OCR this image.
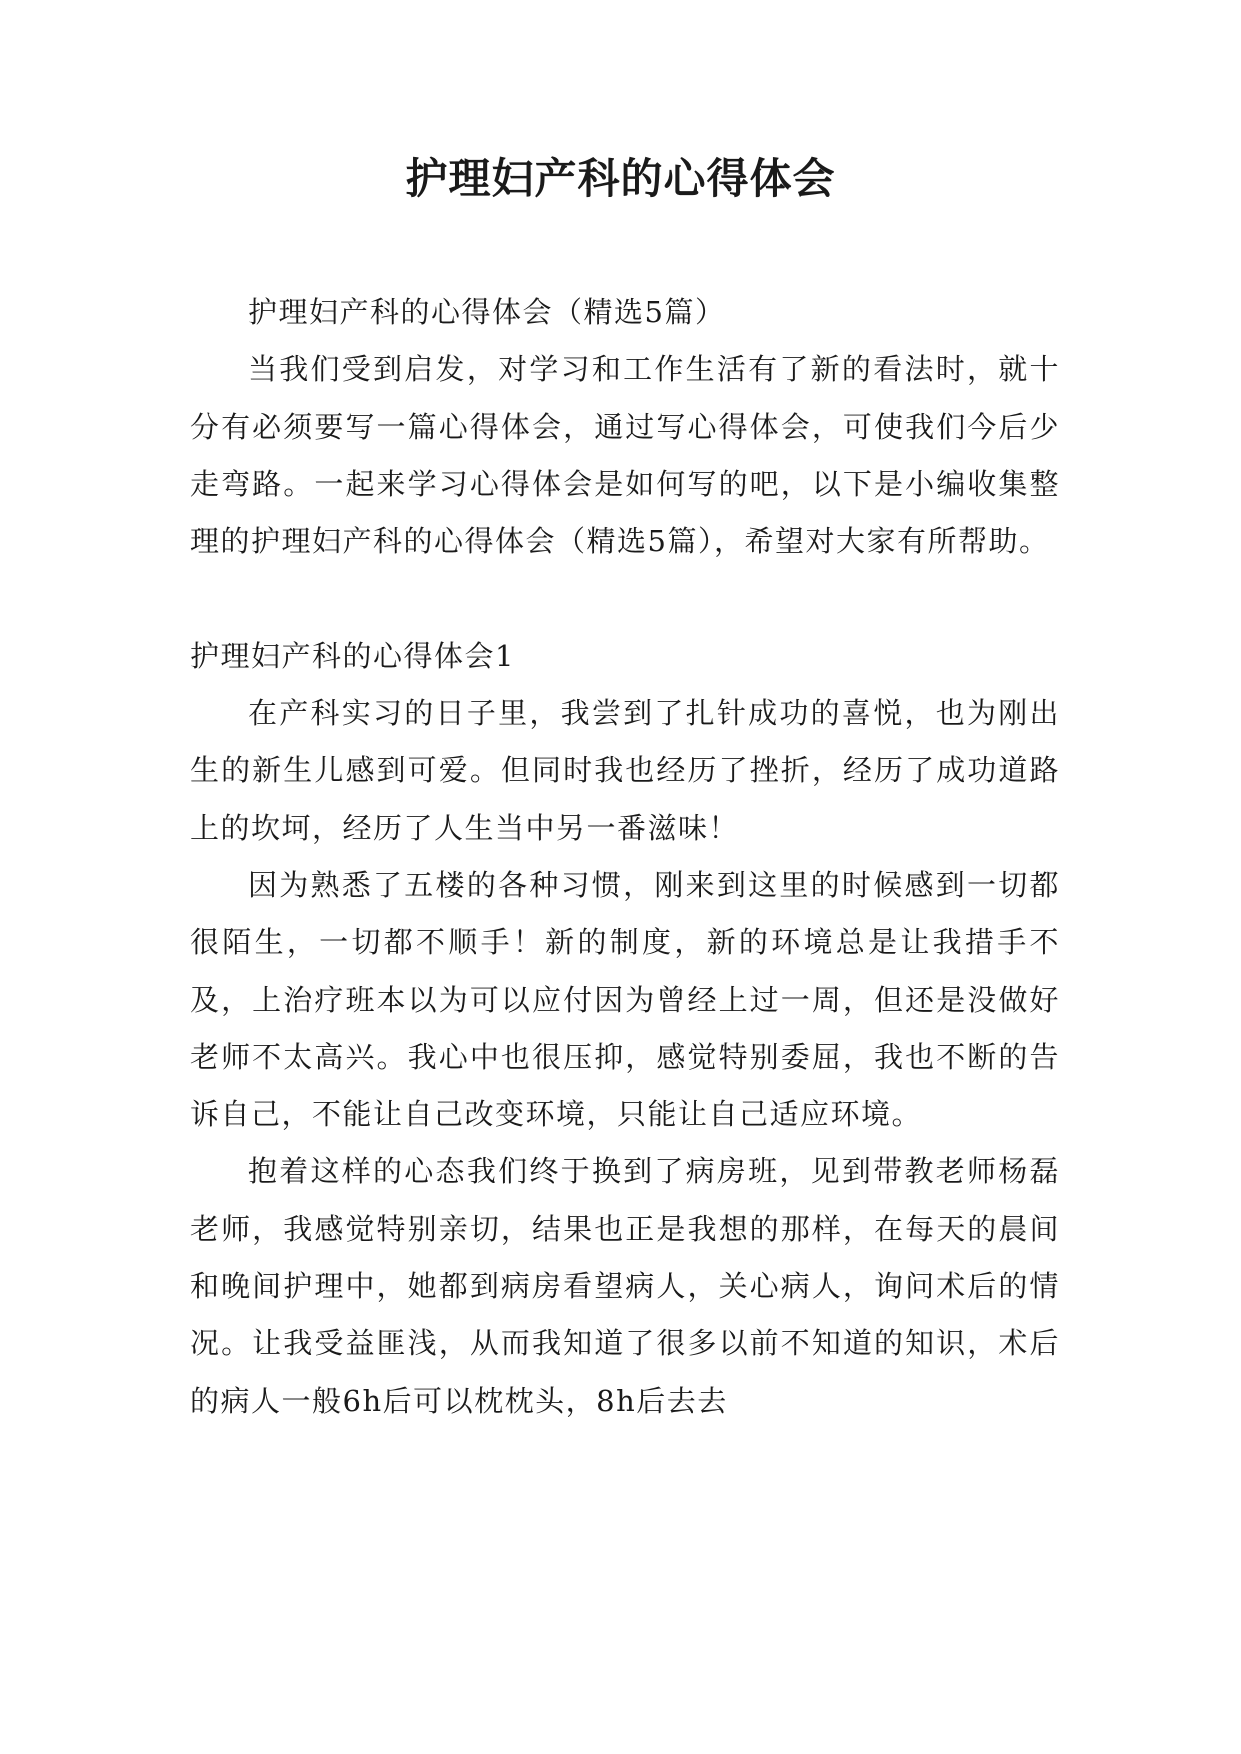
护理妇产科的心得体会

护理妇产科的心得体会（精选5篇）

当我们受到启发，对学习和工作生活有了新的看法时，就十分有必须要写一篇心得体会，通过写心得体会，可使我们今后少走弯路。一起来学习心得体会是如何写的吧，以下是小编收集整理的护理妇产科的心得体会（精选5篇），希望对大家有所帮助。

护理妇产科的心得体会1

在产科实习的日子里，我尝到了扎针成功的喜悦，也为刚出生的新生儿感到可爱。但同时我也经历了挫折，经历了成功道路上的坎坷，经历了人生当中另一番滋味！

因为熟悉了五楼的各种习惯，刚来到这里的时候感到一切都很陌生，一切都不顺手！新的制度，新的环境总是让我措手不及，上治疗班本以为可以应付因为曾经上过一周，但还是没做好老师不太高兴。我心中也很压抑，感觉特别委屈，我也不断的告诉自己，不能让自己改变环境，只能让自己适应环境。

抱着这样的心态我们终于换到了病房班，见到带教老师杨磊老师，我感觉特别亲切，结果也正是我想的那样，在每天的晨间和晚间护理中，她都到病房看望病人，关心病人，询问术后的情况。让我受益匪浅，从而我知道了很多以前不知道的知识，术后的病人一般6h后可以枕枕头，8h后去去
